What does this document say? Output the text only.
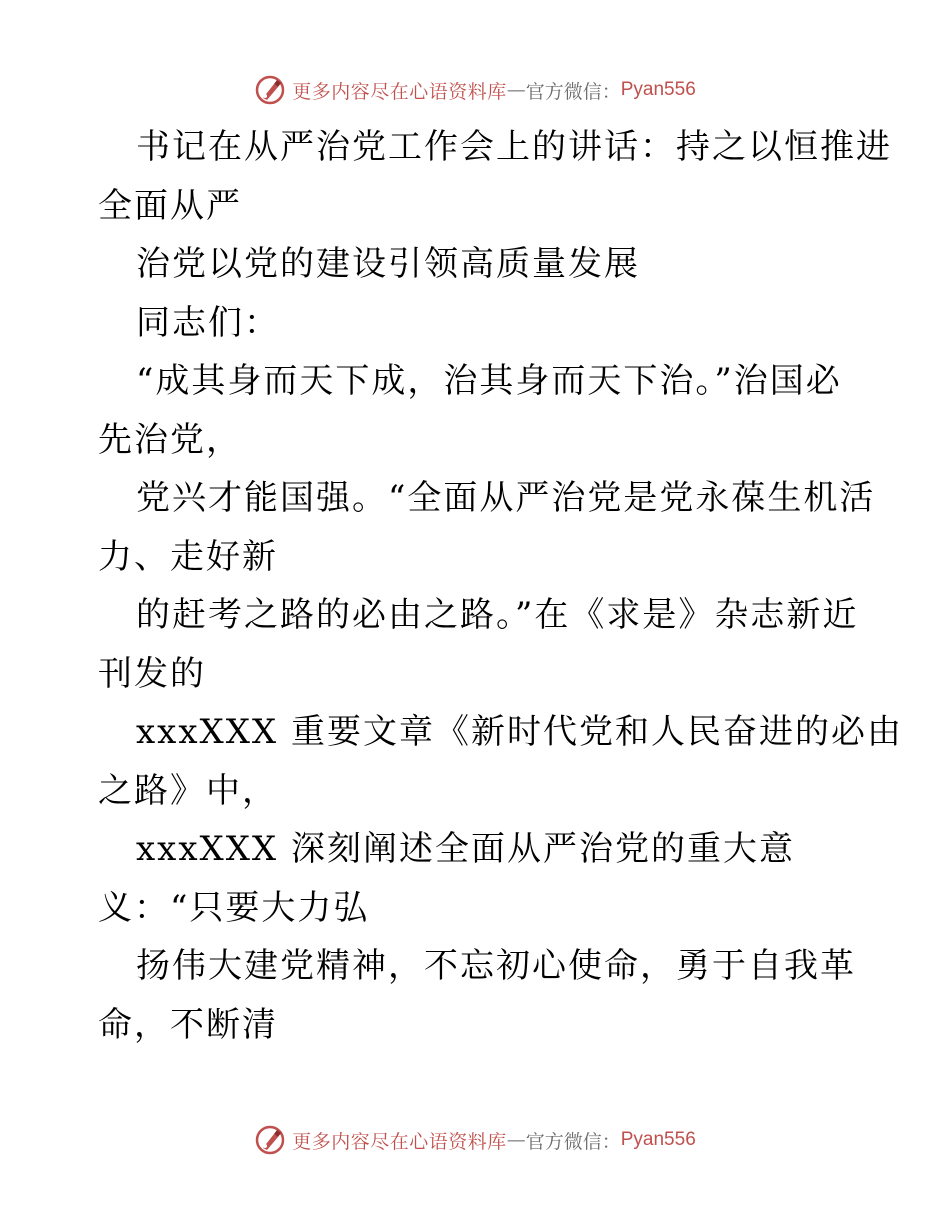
更多内容尽在心语资料库 — 官方微信： Pyan556
书记在从严治党工作会上的讲话：持之以恒推进
全面从严
治党以党的建设引领高质量发展
同志们：
“成其身而天下成，治其身而天下治。”治国必
先治党，
党兴才能国强。“全面从严治党是党永葆生机活
力、走好新
的赶考之路的必由之路。”在《求是》杂志新近
刊发的
xxxXXX 重要文章《新时代党和人民奋进的必由
之路》中，
xxxXXX 深刻阐述全面从严治党的重大意
义：“只要大力弘
扬伟大建党精神，不忘初心使命，勇于自我革
命，不断清
更多内容尽在心语资料库 — 官方微信： Pyan556
